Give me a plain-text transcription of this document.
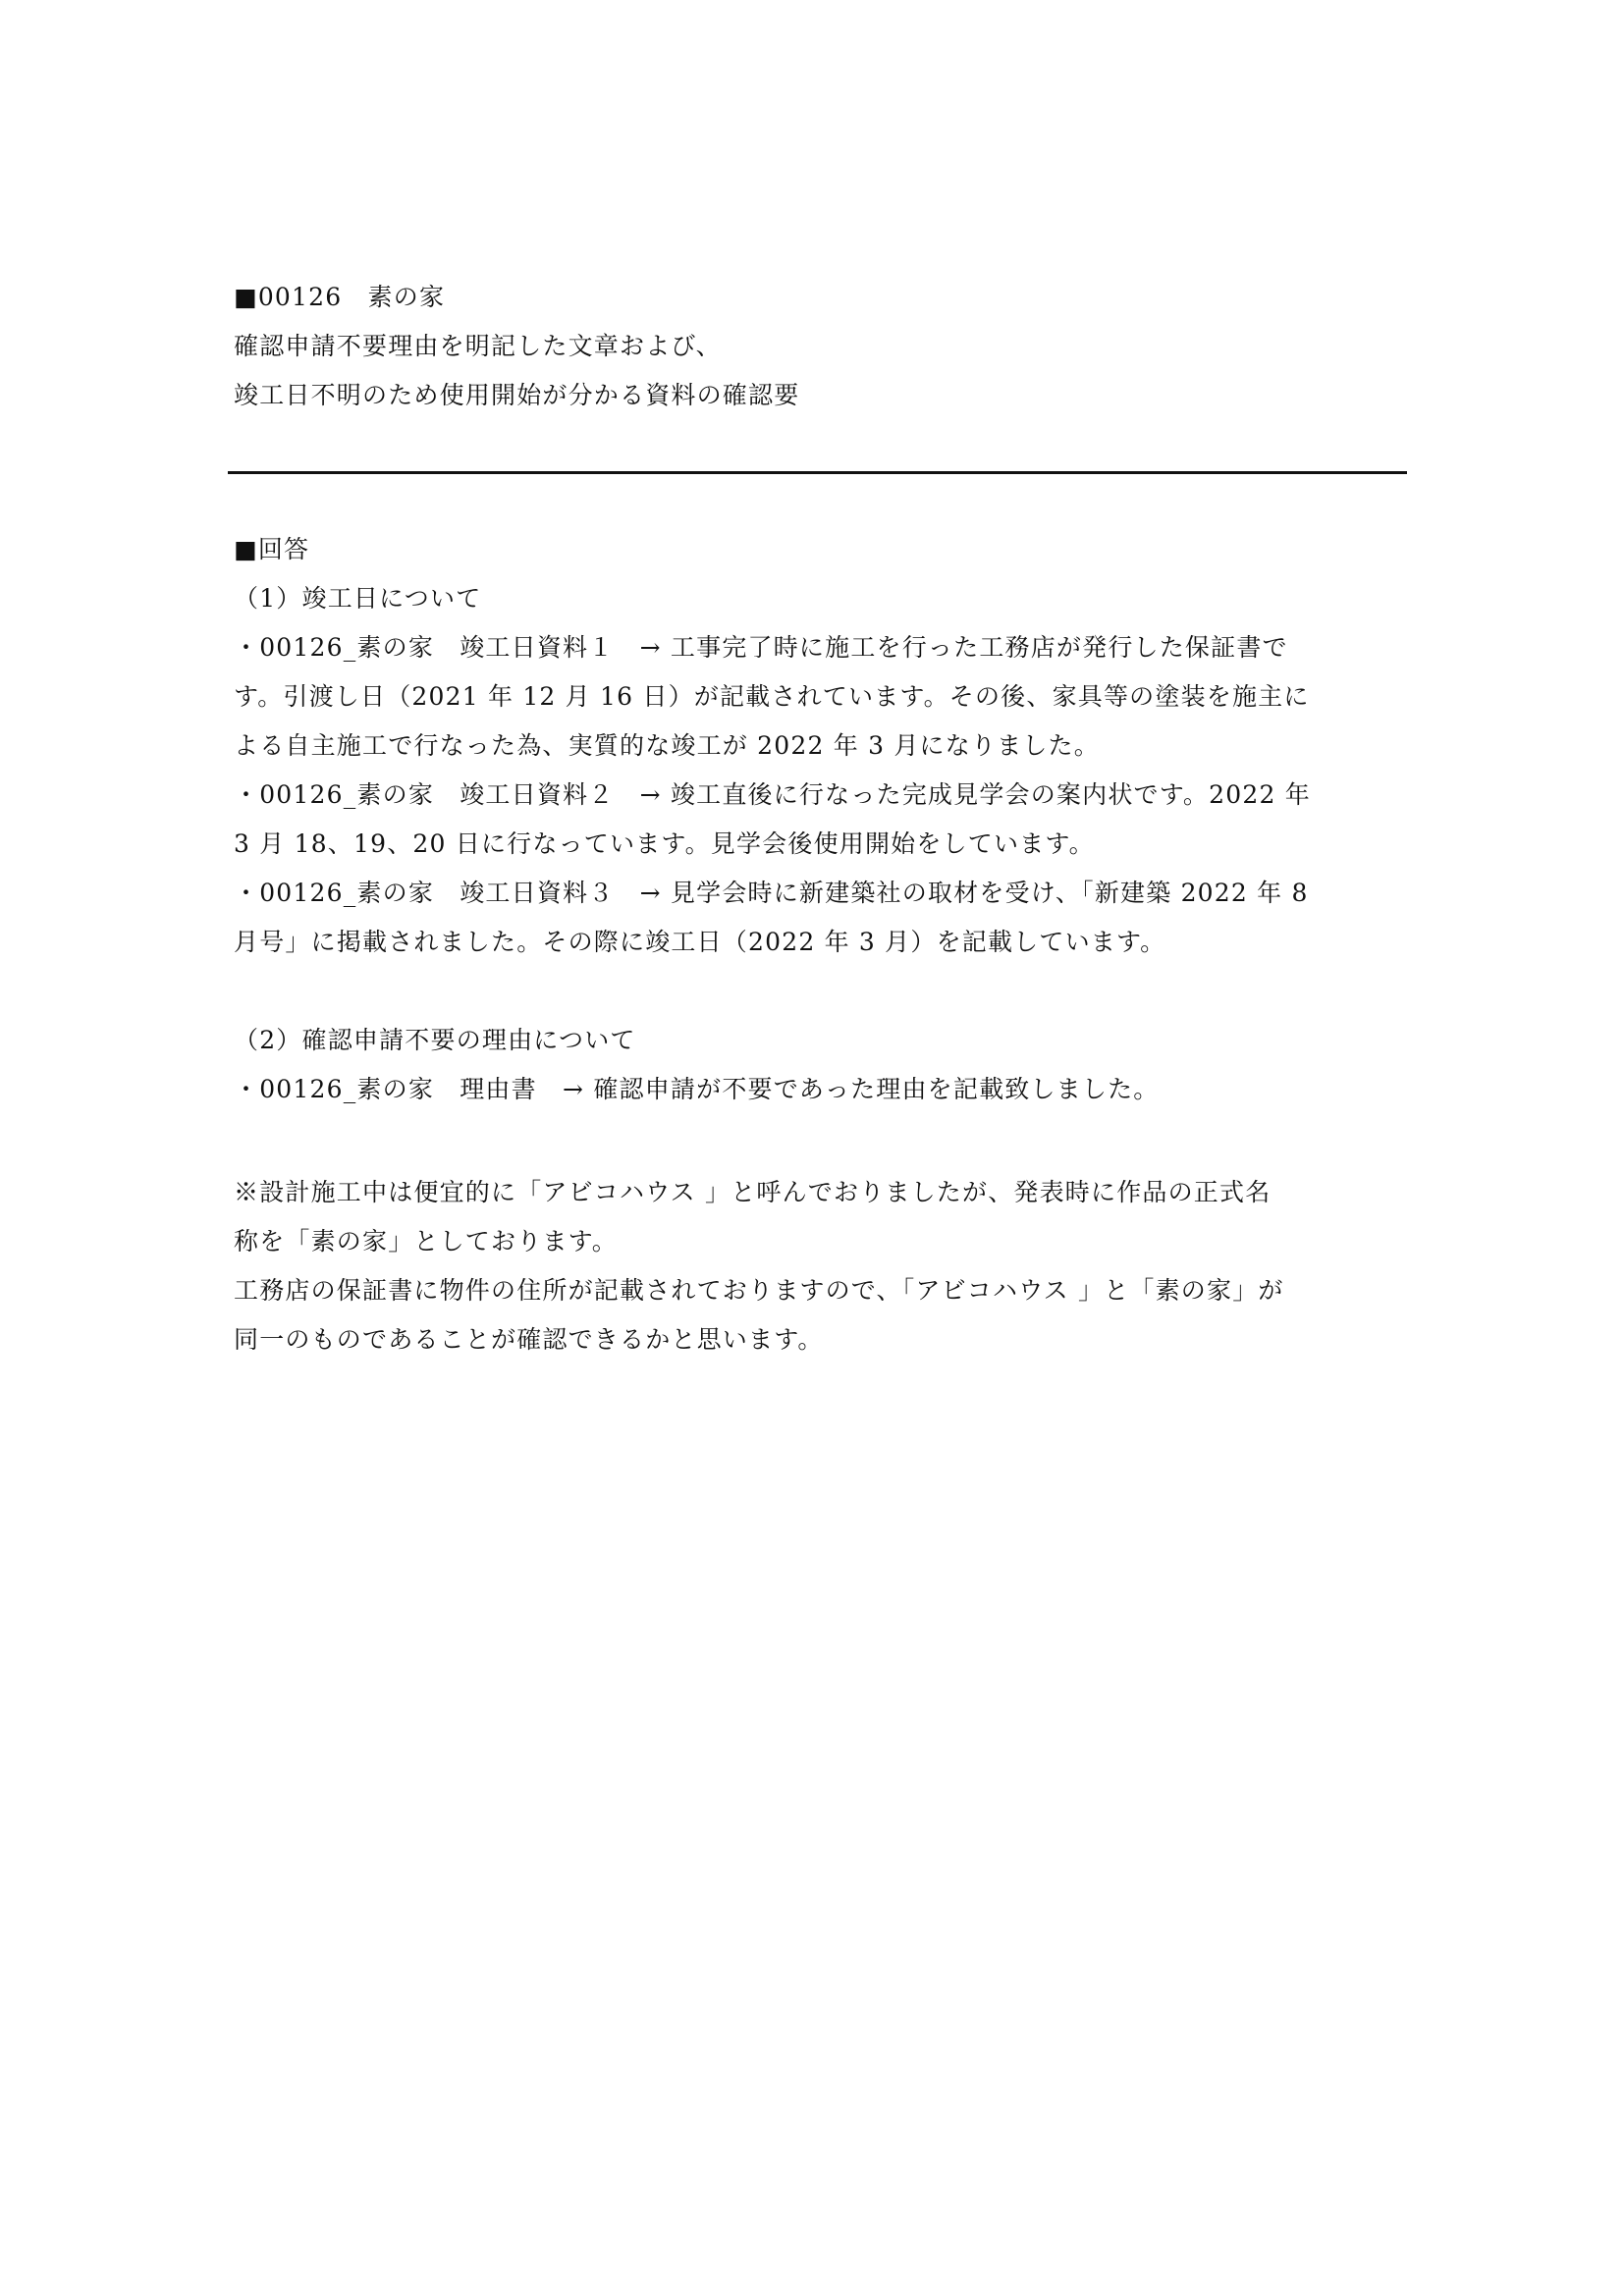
■00126　素の家
確認申請不要理由を明記した文章および、
竣工日不明のため使用開始が分かる資料の確認要
■回答
（1）竣工日について
・00126_素の家　竣工日資料１　→ 工事完了時に施工を行った工務店が発行した保証書で
す。引渡し日（2021 年 12 月 16 日）が記載されています。その後、家具等の塗装を施主に
よる自主施工で行なった為、実質的な竣工が 2022 年 3 月になりました。
・00126_素の家　竣工日資料２　→ 竣工直後に行なった完成見学会の案内状です。2022 年
3 月 18、19、20 日に行なっています。見学会後使用開始をしています。
・00126_素の家　竣工日資料３　→ 見学会時に新建築社の取材を受け、「新建築 2022 年 8
月号」に掲載されました。その際に竣工日（2022 年 3 月）を記載しています。
（2）確認申請不要の理由について
・00126_素の家　理由書　→ 確認申請が不要であった理由を記載致しました。
※設計施工中は便宜的に「アビコハウス 」と呼んでおりましたが、発表時に作品の正式名
称を「素の家」としております。
工務店の保証書に物件の住所が記載されておりますので、「アビコハウス 」と「素の家」が
同一のものであることが確認できるかと思います。
